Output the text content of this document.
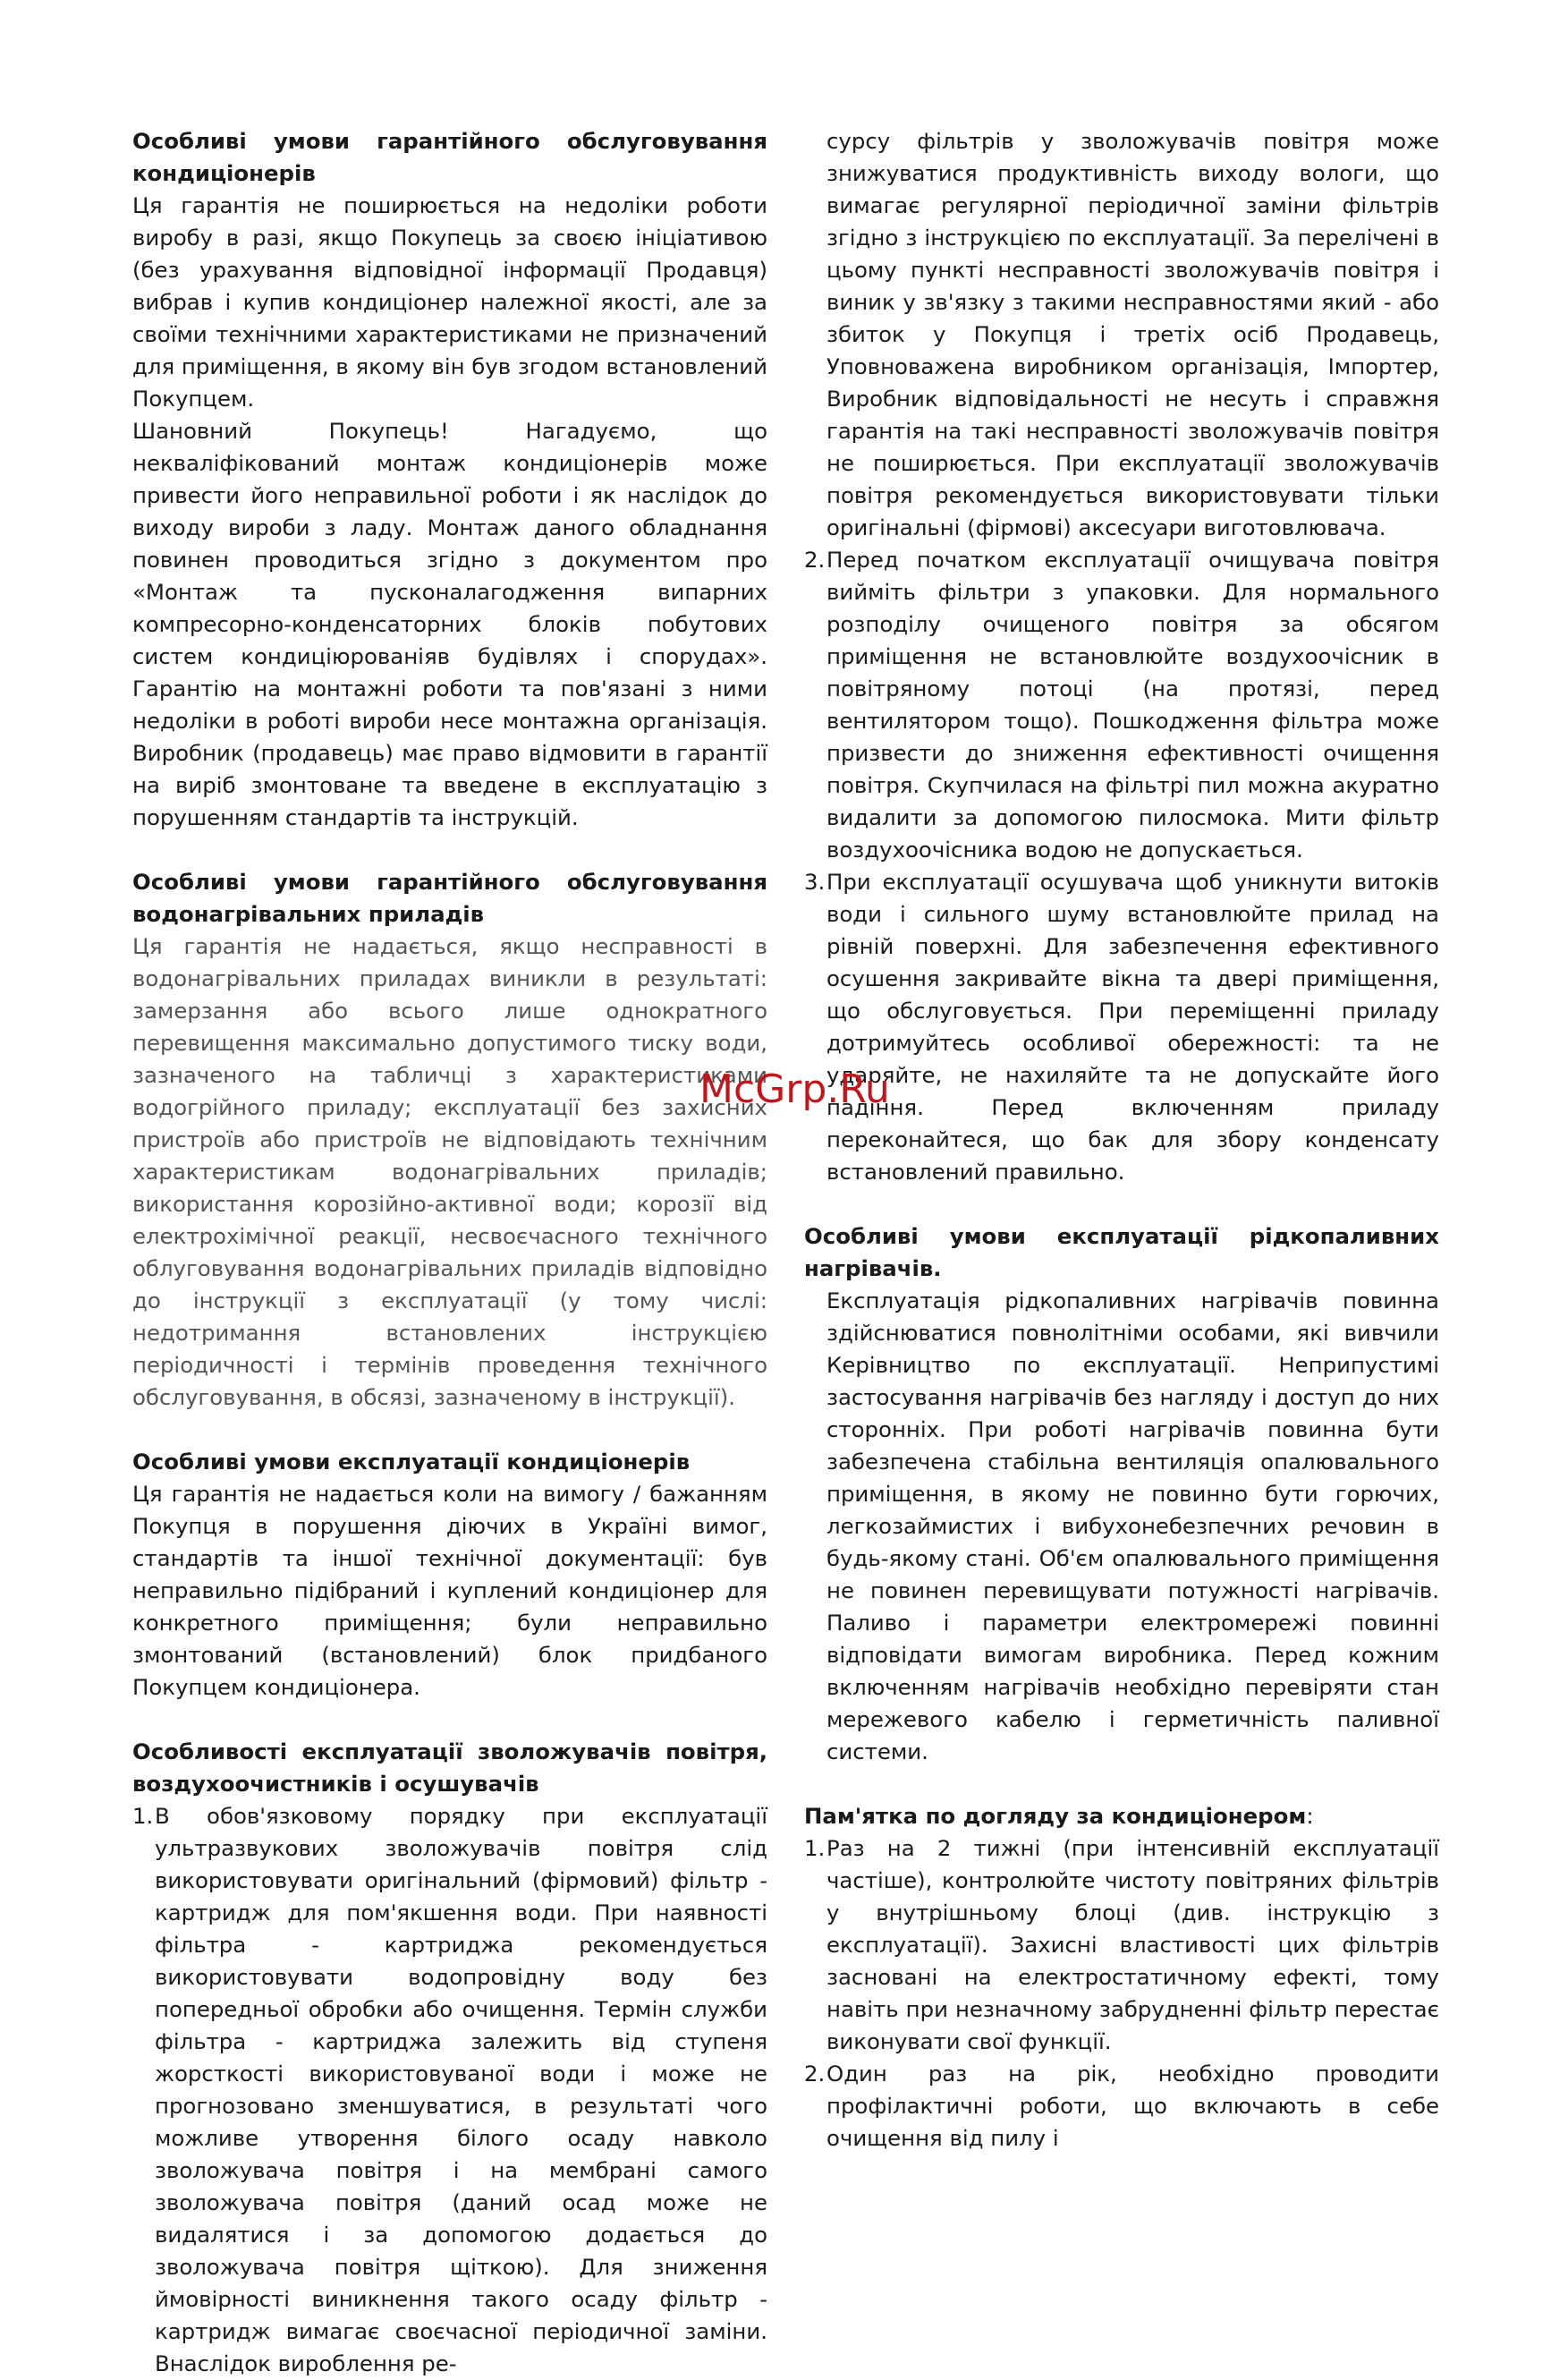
Особливі умови гарантійного обслуговування кондиціонерів

Ця гарантія не поширюється на недоліки роботи виробу в разі, якщо Покупець за своєю ініціативою (без урахування відповідної інформації Продавця) вибрав і купив кондиціонер належної якості, але за своїми технічними характеристиками не призначений для приміщення, в якому він був згодом встановлений Покупцем.

Шановний Покупець! Нагадуємо, що некваліфікований монтаж кондиціонерів може привести його неправильної роботи і як наслідок до виходу вироби з ладу. Монтаж даного обладнання повинен проводиться згідно з документом про «Монтаж та пусконалагодження випарних компресорно-конденсаторних блоків побутових систем кондиціюрованіяв будівлях і спорудах». Гарантію на монтажні роботи та пов'язані з ними недоліки в роботі вироби несе монтажна організація. Виробник (продавець) має право відмовити в гарантії на виріб змонтоване та введене в експлуатацію з порушенням стандартів та інструкцій.

Особливі умови гарантійного обслуговування водонагрівальних приладів

Ця гарантія не надається, якщо несправності в водонагрівальних приладах виникли в результаті: замерзання або всього лише однократного перевищення максимально допустимого тиску води, зазначеного на табличці з характеристиками водогрійного приладу; експлуатації без захисних пристроїв або пристроїв не відповідають технічним характеристикам водонагрівальних приладів; використання корозійно-активної води; корозії від електрохімічної реакції, несвоєчасного технічного облуговування водонагрівальних приладів відповідно до інструкції з експлуатації (у тому числі: недотримання встановлених інструкцією періодичності і термінів проведення технічного обслуговування, в обсязі, зазначеному в інструкції).

Особливі умови експлуатації кондиціонерів

Ця гарантія не надається коли на вимогу / бажанням Покупця в порушення діючих в Україні вимог, стандартів та іншої технічної документації: був неправильно підібраний і куплений кондиціонер для конкретного приміщення; були неправильно змонтований (встановлений) блок придбаного Покупцем кондиціонера.

Особливості експлуатації зволожувачів повітря, воздухоочистників і осушувачів
1. В обов'язковому порядку при експлуатації ультразвукових зволожувачів повітря слід використовувати оригінальний (фірмовий) фільтр - картридж для пом'якшення води. При наявності фільтра - картриджа рекомендується використовувати водопровідну воду без попередньої обробки або очищення. Термін служби фільтра - картриджа залежить від ступеня жорсткості використовуваної води і може не прогнозовано зменшуватися, в результаті чого можливе утворення білого осаду навколо зволожувача повітря і на мембрані самого зволожувача повітря (даний осад може не видалятися і за допомогою додається до зволожувача повітря щіткою). Для зниження ймовірності виникнення такого осаду фільтр - картридж вимагає своєчасної періодичної заміни. Внаслідок вироблення ре-

сурсу фільтрів у зволожувачів повітря може знижуватися продуктивність виходу вологи, що вимагає регулярної періодичної заміни фільтрів згідно з інструкцією по експлуатації. За перелічені в цьому пункті несправності зволожувачів повітря і виник у зв'язку з такими несправностями який - або збиток у Покупця і третіх осіб Продавець, Уповноважена виробником організація, Імпортер, Виробник відповідальності не несуть і справжня гарантія на такі несправності зволожувачів повітря не поширюється. При експлуатації зволожувачів повітря рекомендується використовувати тільки оригінальні (фірмові) аксесуари виготовлювача.

2. Перед початком експлуатації очищувача повітря вийміть фільтри з упаковки. Для нормального розподілу очищеного повітря за обсягом приміщення не встановлюйте воздухоочісник в повітряному потоці (на протязі, перед вентилятором тощо). Пошкодження фільтра може призвести до зниження ефективності очищення повітря. Скупчилася на фільтрі пил можна акуратно видалити за допомогою пилосмока. Мити фільтр воздухоочісника водою не допускається.
3. При експлуатації осушувача щоб уникнути витоків води і сильного шуму встановлюйте прилад на рівній поверхні. Для забезпечення ефективного осушення закривайте вікна та двері приміщення, що обслуговується. При переміщенні приладу дотримуйтесь особливої обережності: та не ударяйте, не нахиляйте та не допускайте його падіння. Перед включенням приладу переконайтеся, що бак для збору конденсату встановлений правильно.
Особливі умови експлуатації рідкопаливних нагрівачів.

Експлуатація рідкопаливних нагрівачів повинна здійснюватися повнолітніми особами, які вивчили Керівництво по експлуатації. Неприпустимі застосування нагрівачів без нагляду і доступ до них сторонніх. При роботі нагрівачів повинна бути забезпечена стабільна вентиляція опалювального приміщення, в якому не повинно бути горючих, легкозаймистих і вибухонебезпечних речовин в будь-якому стані. Об'єм опалювального приміщення не повинен перевищувати потужності нагрівачів. Паливо і параметри електромережі повинні відповідати вимогам виробника. Перед кожним включенням нагрівачів необхідно перевіряти стан мережевого кабелю і герметичність паливної системи.

Пам'ятка по догляду за кондиціонером:
1. Раз на 2 тижні (при інтенсивній експлуатації частіше), контролюйте чистоту повітряних фільтрів у внутрішньому блоці (див. інструкцію з експлуатації). Захисні властивості цих фільтрів засновані на електростатичному ефекті, тому навіть при незначному забрудненні фільтр перестає виконувати свої функції.
2. Один раз на рік, необхідно проводити профілактичні роботи, що включають в себе очищення від пилу і
McGrp.Ru
